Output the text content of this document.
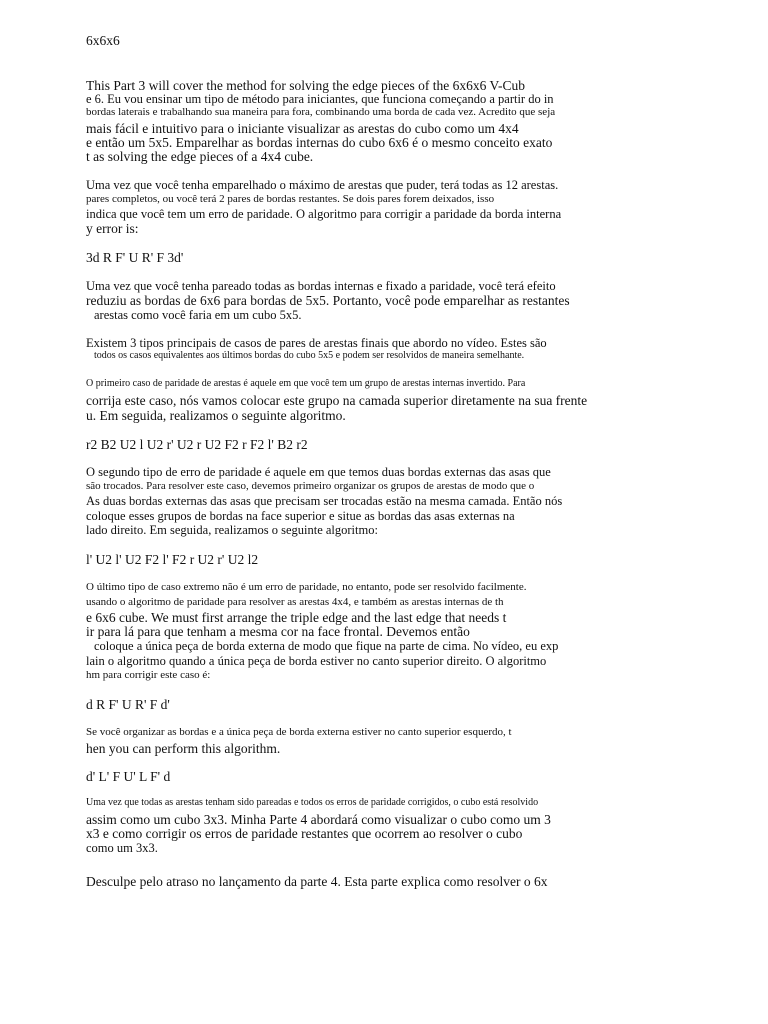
6x6x6
This Part 3 will cover the method for solving the edge pieces of the 6x6x6 V-Cub
e 6. Eu vou ensinar um tipo de método para iniciantes, que funciona começando a partir do in
bordas laterais e trabalhando sua maneira para fora, combinando uma borda de cada vez. Acredito que seja
mais fácil e intuitivo para o iniciante visualizar as arestas do cubo como um 4x4
e então um 5x5. Emparelhar as bordas internas do cubo 6x6 é o mesmo conceito exato
t as solving the edge pieces of a 4x4 cube.
Uma vez que você tenha emparelhado o máximo de arestas que puder, terá todas as 12 arestas.
pares completos, ou você terá 2 pares de bordas restantes. Se dois pares forem deixados, isso
indica que você tem um erro de paridade. O algoritmo para corrigir a paridade da borda interna
y error is:
3d R F' U R' F 3d'
Uma vez que você tenha pareado todas as bordas internas e fixado a paridade, você terá efeito
reduziu as bordas de 6x6 para bordas de 5x5. Portanto, você pode emparelhar as restantes
arestas como você faria em um cubo 5x5.
Existem 3 tipos principais de casos de pares de arestas finais que abordo no vídeo. Estes são
todos os casos equivalentes aos últimos bordas do cubo 5x5 e podem ser resolvidos de maneira semelhante.
O primeiro caso de paridade de arestas é aquele em que você tem um grupo de arestas internas invertido. Para
corrija este caso, nós vamos colocar este grupo na camada superior diretamente na sua frente
u. Em seguida, realizamos o seguinte algoritmo.
r2 B2 U2 l U2 r' U2 r U2 F2 r F2 l' B2 r2
O segundo tipo de erro de paridade é aquele em que temos duas bordas externas das asas que
são trocados. Para resolver este caso, devemos primeiro organizar os grupos de arestas de modo que o
As duas bordas externas das asas que precisam ser trocadas estão na mesma camada. Então nós
coloque esses grupos de bordas na face superior e situe as bordas das asas externas na
lado direito. Em seguida, realizamos o seguinte algoritmo:
l' U2 l' U2 F2 l' F2 r U2 r' U2 l2
O último tipo de caso extremo não é um erro de paridade, no entanto, pode ser resolvido facilmente.
usando o algoritmo de paridade para resolver as arestas 4x4, e também as arestas internas de th
e 6x6 cube. We must first arrange the triple edge and the last edge that needs t
ir para lá para que tenham a mesma cor na face frontal. Devemos então
coloque a única peça de borda externa de modo que fique na parte de cima. No vídeo, eu exp
lain o algoritmo quando a única peça de borda estiver no canto superior direito. O algoritmo
hm para corrigir este caso é:
d R F' U R' F d'
Se você organizar as bordas e a única peça de borda externa estiver no canto superior esquerdo, t
hen you can perform this algorithm.
d' L' F U' L F' d
Uma vez que todas as arestas tenham sido pareadas e todos os erros de paridade corrigidos, o cubo está resolvido
assim como um cubo 3x3. Minha Parte 4 abordará como visualizar o cubo como um 3
x3 e como corrigir os erros de paridade restantes que ocorrem ao resolver o cubo
como um 3x3.
Desculpe pelo atraso no lançamento da parte 4. Esta parte explica como resolver o 6x
